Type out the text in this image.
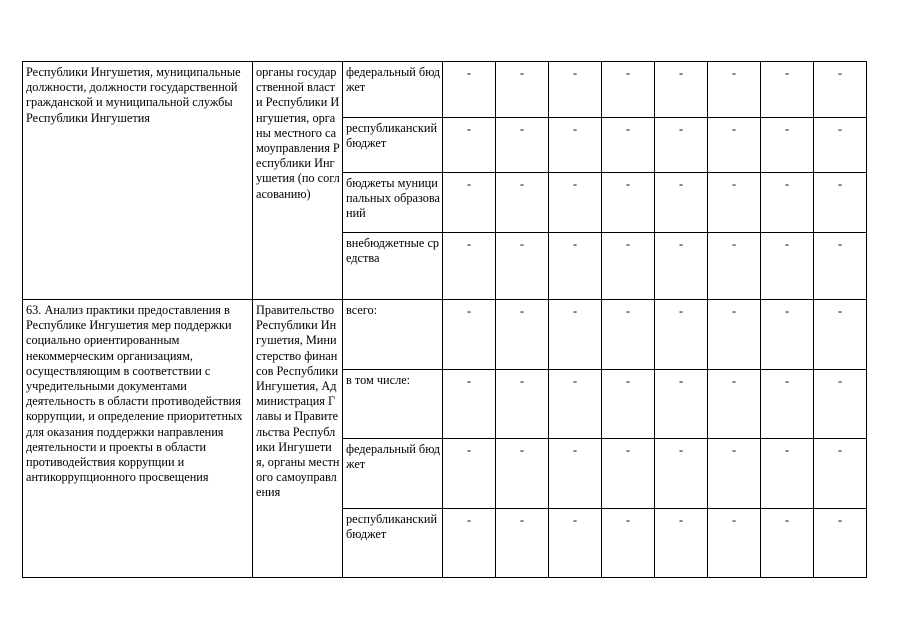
Республики Ингушетия, муниципальные должности, должности государственной гражданской и муниципальной службы Республики Ингушетия	органы государственной власти Республики Ингушетия, органы местного самоуправления Республики Ингушетия (по согласованию)	федеральный бюджет	-	-	-	-	-	-	-	-
		республиканский бюджет	-	-	-	-	-	-	-	-
		бюджеты муниципальных образований	-	-	-	-	-	-	-	-
		внебюджетные средства	-	-	-	-	-	-	-	-
63. Анализ практики предоставления в Республике Ингушетия мер поддержки социально ориентированным некоммерческим организациям, осуществляющим в соответствии с учредительными документами деятельность в области противодействия коррупции, и определение приоритетных для оказания поддержки направления деятельности и проекты в области противодействия коррупции и антикоррупционного просвещения	Правительство Республики Ингушетия, Министерство финансов Республики Ингушетия, Администрация Главы и Правительства Республики Ингушетия, органы местного самоуправления	всего:	-	-	-	-	-	-	-	-
		в том числе:	-	-	-	-	-	-	-	-
		федеральный бюджет	-	-	-	-	-	-	-	-
		республиканский бюджет	-	-	-	-	-	-	-	-
